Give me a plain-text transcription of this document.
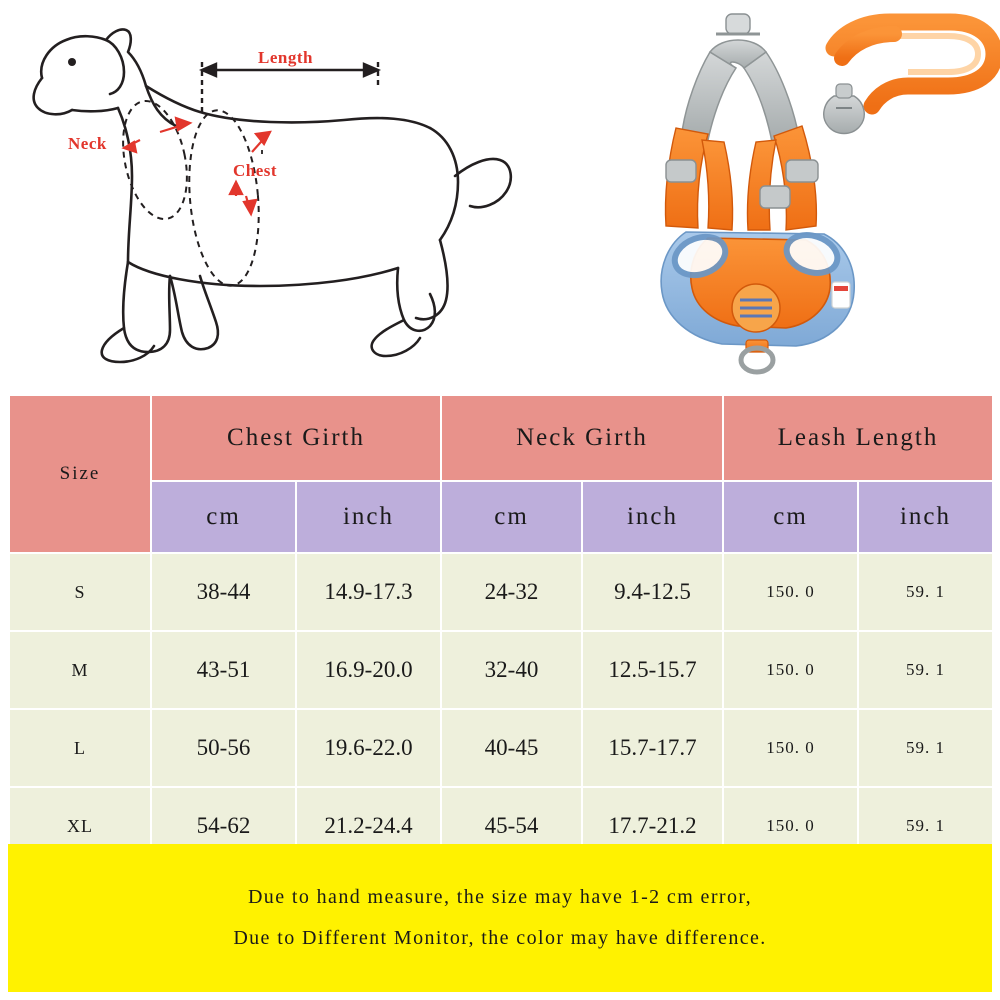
Length
Neck
Chest
Size	Chest Girth		Neck Girth		Leash Length	
	cm	inch	cm	inch	cm	inch
S	38-44	14.9-17.3	24-32	9.4-12.5	150. 0	59. 1
M	43-51	16.9-20.0	32-40	12.5-15.7	150. 0	59. 1
L	50-56	19.6-22.0	40-45	15.7-17.7	150. 0	59. 1
XL	54-62	21.2-24.4	45-54	17.7-21.2	150. 0	59. 1
Due to hand measure, the size may have 1-2 cm error,
Due to Different Monitor, the color may have difference.
